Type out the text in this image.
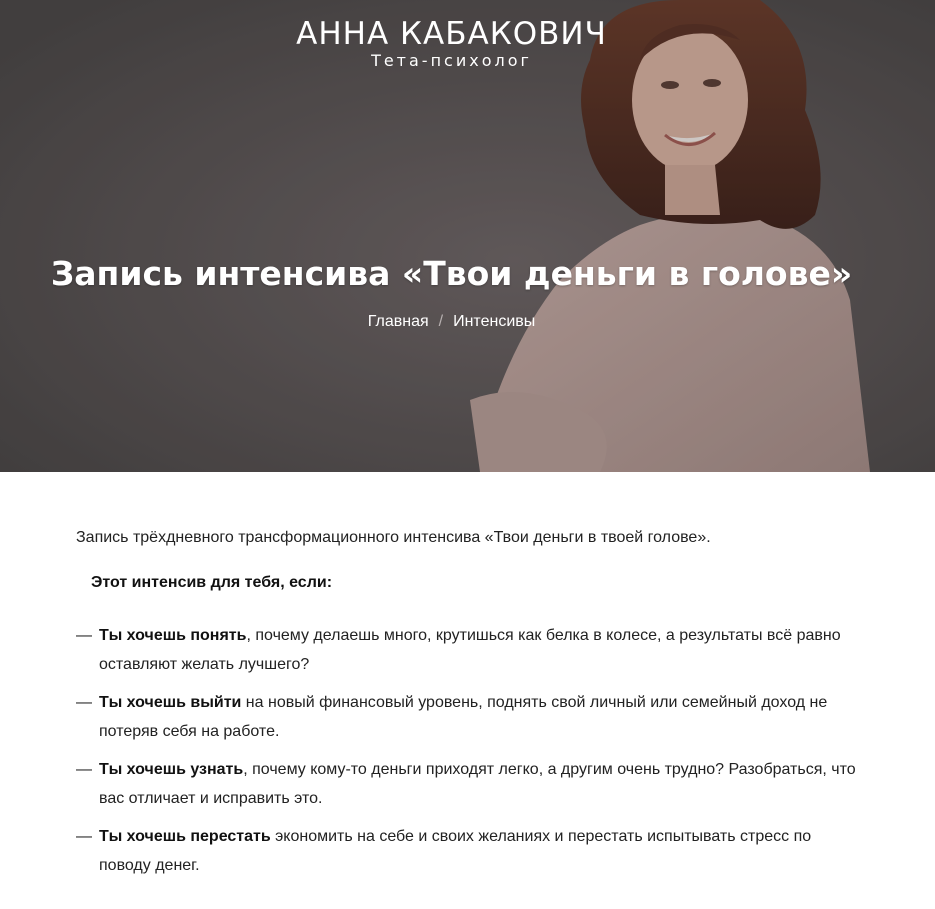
АННА КАБАКОВИЧ
Тета-психолог
Запись интенсива «Твои деньги в голове»
Главная / Интенсивы

Запись трёхдневного трансформационного интенсива «Твои деньги в твоей голове».

Этот интенсив для тебя, если:

— Ты хочешь понять, почему делаешь много, крутишься как белка в колесе, а результаты всё равно оставляют желать лучшего?
— Ты хочешь выйти на новый финансовый уровень, поднять свой личный или семейный доход не потеряв себя на работе.
— Ты хочешь узнать, почему кому-то деньги приходят легко, а другим очень трудно? Разобраться, что вас отличает и исправить это.
— Ты хочешь перестать экономить на себе и своих желаниях и перестать испытывать стресс по поводу денег.
